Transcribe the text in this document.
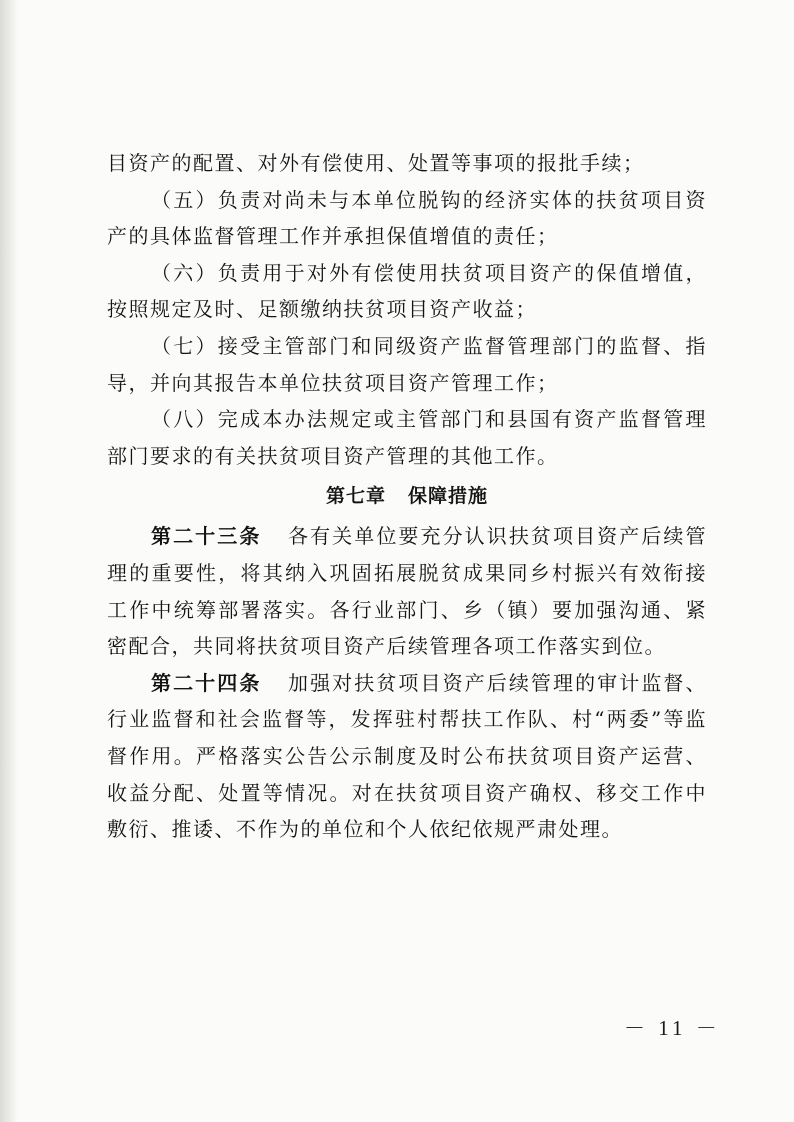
目资产的配置、对外有偿使用、处置等事项的报批手续；

（五）负责对尚未与本单位脱钩的经济实体的扶贫项目资产的具体监督管理工作并承担保值增值的责任；

（六）负责用于对外有偿使用扶贫项目资产的保值增值，按照规定及时、足额缴纳扶贫项目资产收益；

（七）接受主管部门和同级资产监督管理部门的监督、指导，并向其报告本单位扶贫项目资产管理工作；

（八）完成本办法规定或主管部门和县国有资产监督管理部门要求的有关扶贫项目资产管理的其他工作。

第七章 保障措施

第二十三条 各有关单位要充分认识扶贫项目资产后续管理的重要性，将其纳入巩固拓展脱贫成果同乡村振兴有效衔接工作中统筹部署落实。各行业部门、乡（镇）要加强沟通、紧密配合，共同将扶贫项目资产后续管理各项工作落实到位。

第二十四条 加强对扶贫项目资产后续管理的审计监督、行业监督和社会监督等，发挥驻村帮扶工作队、村“两委”等监督作用。严格落实公告公示制度及时公布扶贫项目资产运营、收益分配、处置等情况。对在扶贫项目资产确权、移交工作中敷衍、推诿、不作为的单位和个人依纪依规严肃处理。

－ 11 －
